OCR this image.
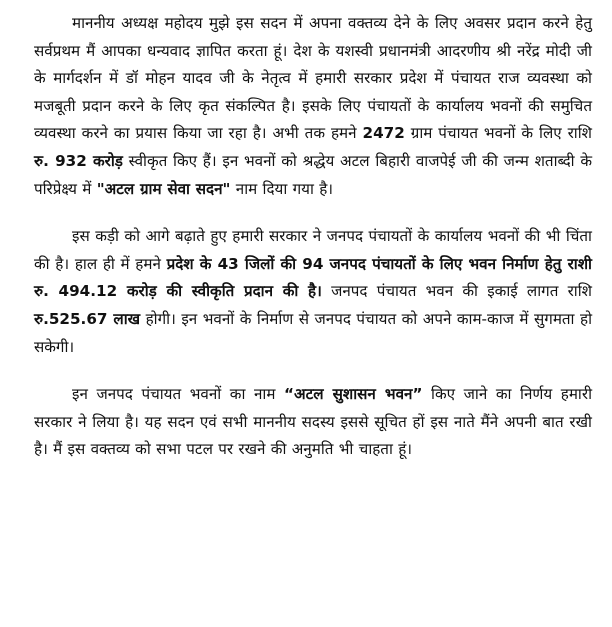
माननीय अध्यक्ष महोदय मुझे इस सदन में अपना वक्तव्य देने के लिए अवसर प्रदान करने हेतु सर्वप्रथम मैं आपका धन्यवाद ज्ञापित करता हूं। देश के यशस्वी प्रधानमंत्री आदरणीय श्री नरेंद्र मोदी जी के मार्गदर्शन में डॉ मोहन यादव जी के नेतृत्व में हमारी सरकार प्रदेश में पंचायत राज व्यवस्था को मजबूती प्रदान करने के लिए कृत संकल्पित है। इसके लिए पंचायतों के कार्यालय भवनों की समुचित व्यवस्था करने का प्रयास किया जा रहा है। अभी तक हमने 2472 ग्राम पंचायत भवनों के लिए राशि रु. 932 करोड़ स्वीकृत किए हैं। इन भवनों को श्रद्धेय अटल बिहारी वाजपेई जी की जन्म शताब्दी के परिप्रेक्ष्य में "अटल ग्राम सेवा सदन" नाम दिया गया है।

इस कड़ी को आगे बढ़ाते हुए हमारी सरकार ने जनपद पंचायतों के कार्यालय भवनों की भी चिंता की है। हाल ही में हमने प्रदेश के 43 जिलों की 94 जनपद पंचायतों के लिए भवन निर्माण हेतु राशी रु. 494.12 करोड़ की स्वीकृति प्रदान की है। जनपद पंचायत भवन की इकाई लागत राशि रु.525.67 लाख होगी। इन भवनों के निर्माण से जनपद पंचायत को अपने काम-काज में सुगमता हो सकेगी।

इन जनपद पंचायत भवनों का नाम “अटल सुशासन भवन” किए जाने का निर्णय हमारी सरकार ने लिया है। यह सदन एवं सभी माननीय सदस्य इससे सूचित हों इस नाते मैंने अपनी बात रखी है। मैं इस वक्तव्य को सभा पटल पर रखने की अनुमति भी चाहता हूं।
